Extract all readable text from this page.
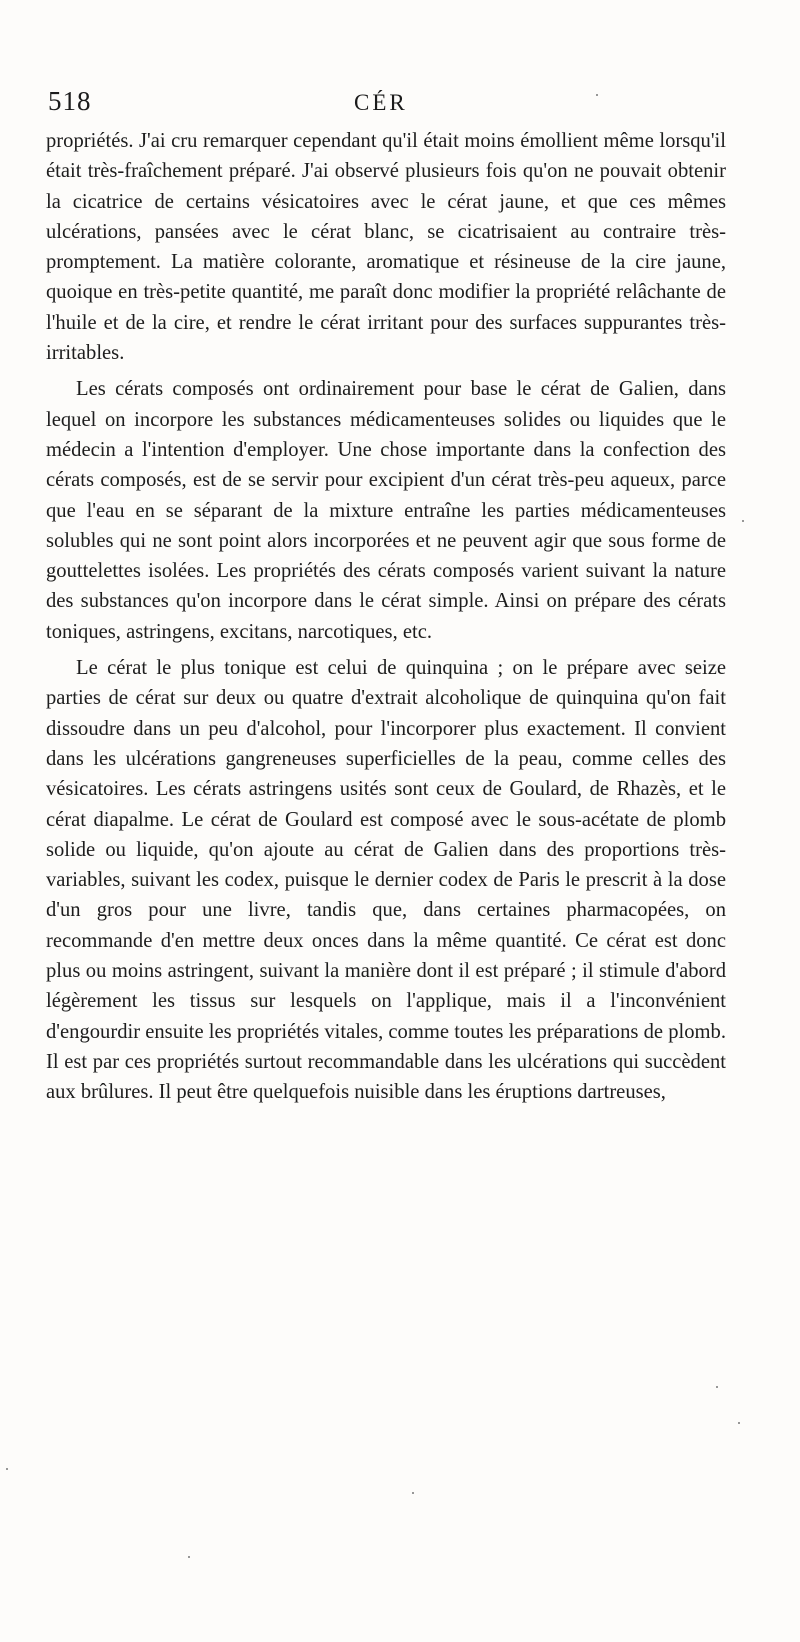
518	CÉR

propriétés. J'ai cru remarquer cependant qu'il était moins émollient même lorsqu'il était très-fraîchement préparé. J'ai observé plusieurs fois qu'on ne pouvait obtenir la cicatrice de certains vésicatoires avec le cérat jaune, et que ces mêmes ulcérations, pansées avec le cérat blanc, se cicatrisaient au contraire très-promptement. La matière colorante, aromatique et résineuse de la cire jaune, quoique en très-petite quantité, me paraît donc modifier la propriété relâchante de l'huile et de la cire, et rendre le cérat irritant pour des surfaces suppurantes très-irritables.

Les cérats composés ont ordinairement pour base le cérat de Galien, dans lequel on incorpore les substances médicamenteuses solides ou liquides que le médecin a l'intention d'employer. Une chose importante dans la confection des cérats composés, est de se servir pour excipient d'un cérat très-peu aqueux, parce que l'eau en se séparant de la mixture entraîne les parties médicamenteuses solubles qui ne sont point alors incorporées et ne peuvent agir que sous forme de gouttelettes isolées. Les propriétés des cérats composés varient suivant la nature des substances qu'on incorpore dans le cérat simple. Ainsi on prépare des cérats toniques, astringens, excitans, narcotiques, etc.

Le cérat le plus tonique est celui de quinquina ; on le prépare avec seize parties de cérat sur deux ou quatre d'extrait alcoholique de quinquina qu'on fait dissoudre dans un peu d'alcohol, pour l'incorporer plus exactement. Il convient dans les ulcérations gangreneuses superficielles de la peau, comme celles des vésicatoires. Les cérats astringens usités sont ceux de Goulard, de Rhazès, et le cérat diapalme. Le cérat de Goulard est composé avec le sous-acétate de plomb solide ou liquide, qu'on ajoute au cérat de Galien dans des proportions très-variables, suivant les codex, puisque le dernier codex de Paris le prescrit à la dose d'un gros pour une livre, tandis que, dans certaines pharmacopées, on recommande d'en mettre deux onces dans la même quantité. Ce cérat est donc plus ou moins astringent, suivant la manière dont il est préparé ; il stimule d'abord légèrement les tissus sur lesquels on l'applique, mais il a l'inconvénient d'engourdir ensuite les propriétés vitales, comme toutes les préparations de plomb. Il est par ces propriétés surtout recommandable dans les ulcérations qui succèdent aux brûlures. Il peut être quelquefois nuisible dans les éruptions dartreuses,
